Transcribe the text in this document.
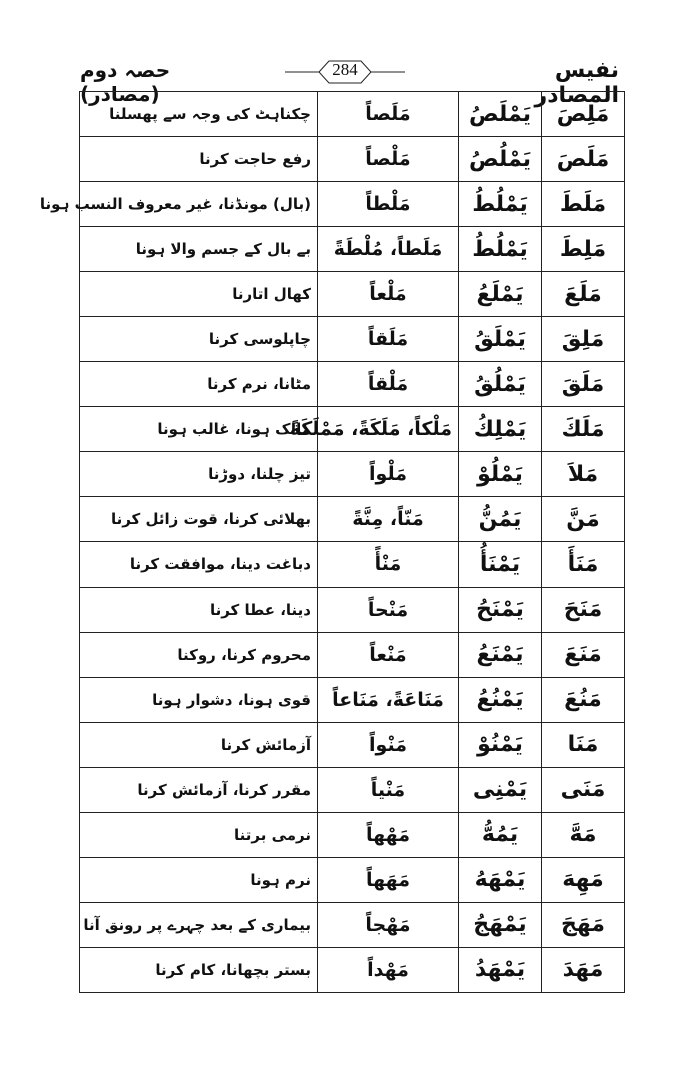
حصہ دوم (مصادر)
284	نفیس المصادر
مَلِصَ	یَمْلَصُ	مَلَصاً	چکناہٹ کی وجہ سے پھسلنا
مَلَصَ	یَمْلُصُ	مَلْصاً	رفع حاجت کرنا
مَلَطَ	یَمْلُطُ	مَلْطاً	(بال) مونڈنا، غیر معروف النسب ہونا
مَلِطَ	یَمْلُطُ	مَلَطاً، مُلْطَةً	بے بال کے جسم والا ہونا
مَلَعَ	یَمْلَعُ	مَلْعاً	کھال اتارنا
مَلِقَ	یَمْلَقُ	مَلَقاً	چاپلوسی کرنا
مَلَقَ	یَمْلُقُ	مَلْقاً	مٹانا، نرم کرنا
مَلَكَ	یَمْلِكُ	مَلْكاً، مَلَكَةً، مَمْلَكَةً	مالک ہونا، غالب ہونا
مَلاَ	یَمْلُوْ	مَلْواً	تیز چلنا، دوڑنا
مَنَّ	یَمُنُّ	مَنّاً، مِنَّةً	بھلائی کرنا، قوت زائل کرنا
مَنَأَ	یَمْنَأُ	مَنْأً	دباغت دینا، موافقت کرنا
مَنَحَ	یَمْنَحُ	مَنْحاً	دینا، عطا کرنا
مَنَعَ	یَمْنَعُ	مَنْعاً	محروم کرنا، روکنا
مَنُعَ	یَمْنُعُ	مَنَاعَةً، مَنَاعاً	قوی ہونا، دشوار ہونا
مَنَا	یَمْنُوْ	مَنْواً	آزمائش کرنا
مَنَی	یَمْنِی	مَنْیاً	مقرر کرنا، آزمائش کرنا
مَهَّ	یَمُهُّ	مَهْهاً	نرمی برتنا
مَهِهَ	یَمْهَهُ	مَهَهاً	نرم ہونا
مَهَجَ	یَمْهَجُ	مَهْجاً	بیماری کے بعد چہرے پر رونق آنا
مَهَدَ	یَمْهَدُ	مَهْداً	بستر بچھانا، کام کرنا
